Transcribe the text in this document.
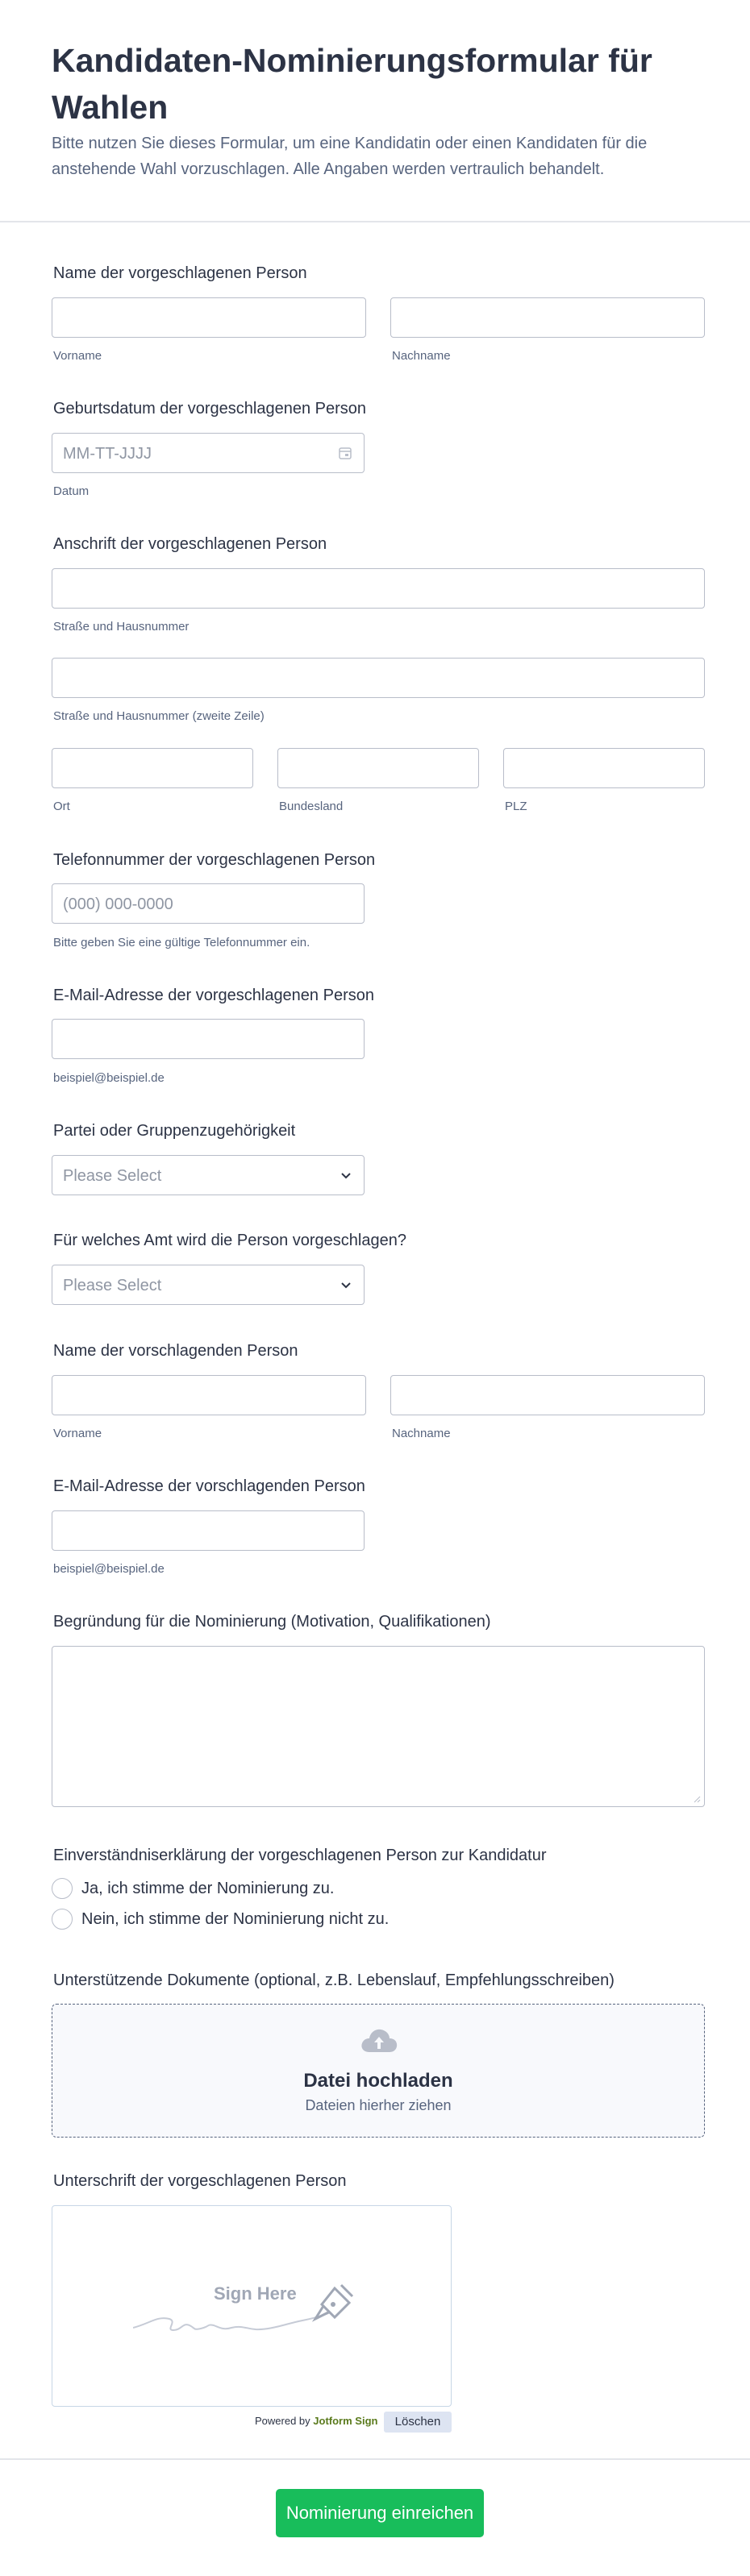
Kandidaten-Nominierungsformular für Wahlen
Bitte nutzen Sie dieses Formular, um eine Kandidatin oder einen Kandidaten für die anstehende Wahl vorzuschlagen. Alle Angaben werden vertraulich behandelt.
Name der vorgeschlagenen Person
Vorname	Nachname
Geburtsdatum der vorgeschlagenen Person
MM-TT-JJJJ
Datum
Anschrift der vorgeschlagenen Person
Straße und Hausnummer
Straße und Hausnummer (zweite Zeile)
Ort	Bundesland	PLZ
Telefonnummer der vorgeschlagenen Person
(000) 000-0000
Bitte geben Sie eine gültige Telefonnummer ein.
E-Mail-Adresse der vorgeschlagenen Person
beispiel@beispiel.de
Partei oder Gruppenzugehörigkeit
Please Select
Für welches Amt wird die Person vorgeschlagen?
Please Select
Name der vorschlagenden Person
Vorname	Nachname
E-Mail-Adresse der vorschlagenden Person
beispiel@beispiel.de
Begründung für die Nominierung (Motivation, Qualifikationen)
Einverständniserklärung der vorgeschlagenen Person zur Kandidatur
Ja, ich stimme der Nominierung zu.
Nein, ich stimme der Nominierung nicht zu.
Unterstützende Dokumente (optional, z.B. Lebenslauf, Empfehlungsschreiben)
Datei hochladen
Dateien hierher ziehen
Unterschrift der vorgeschlagenen Person
Sign Here
Powered by Jotform Sign	Löschen
Nominierung einreichen
